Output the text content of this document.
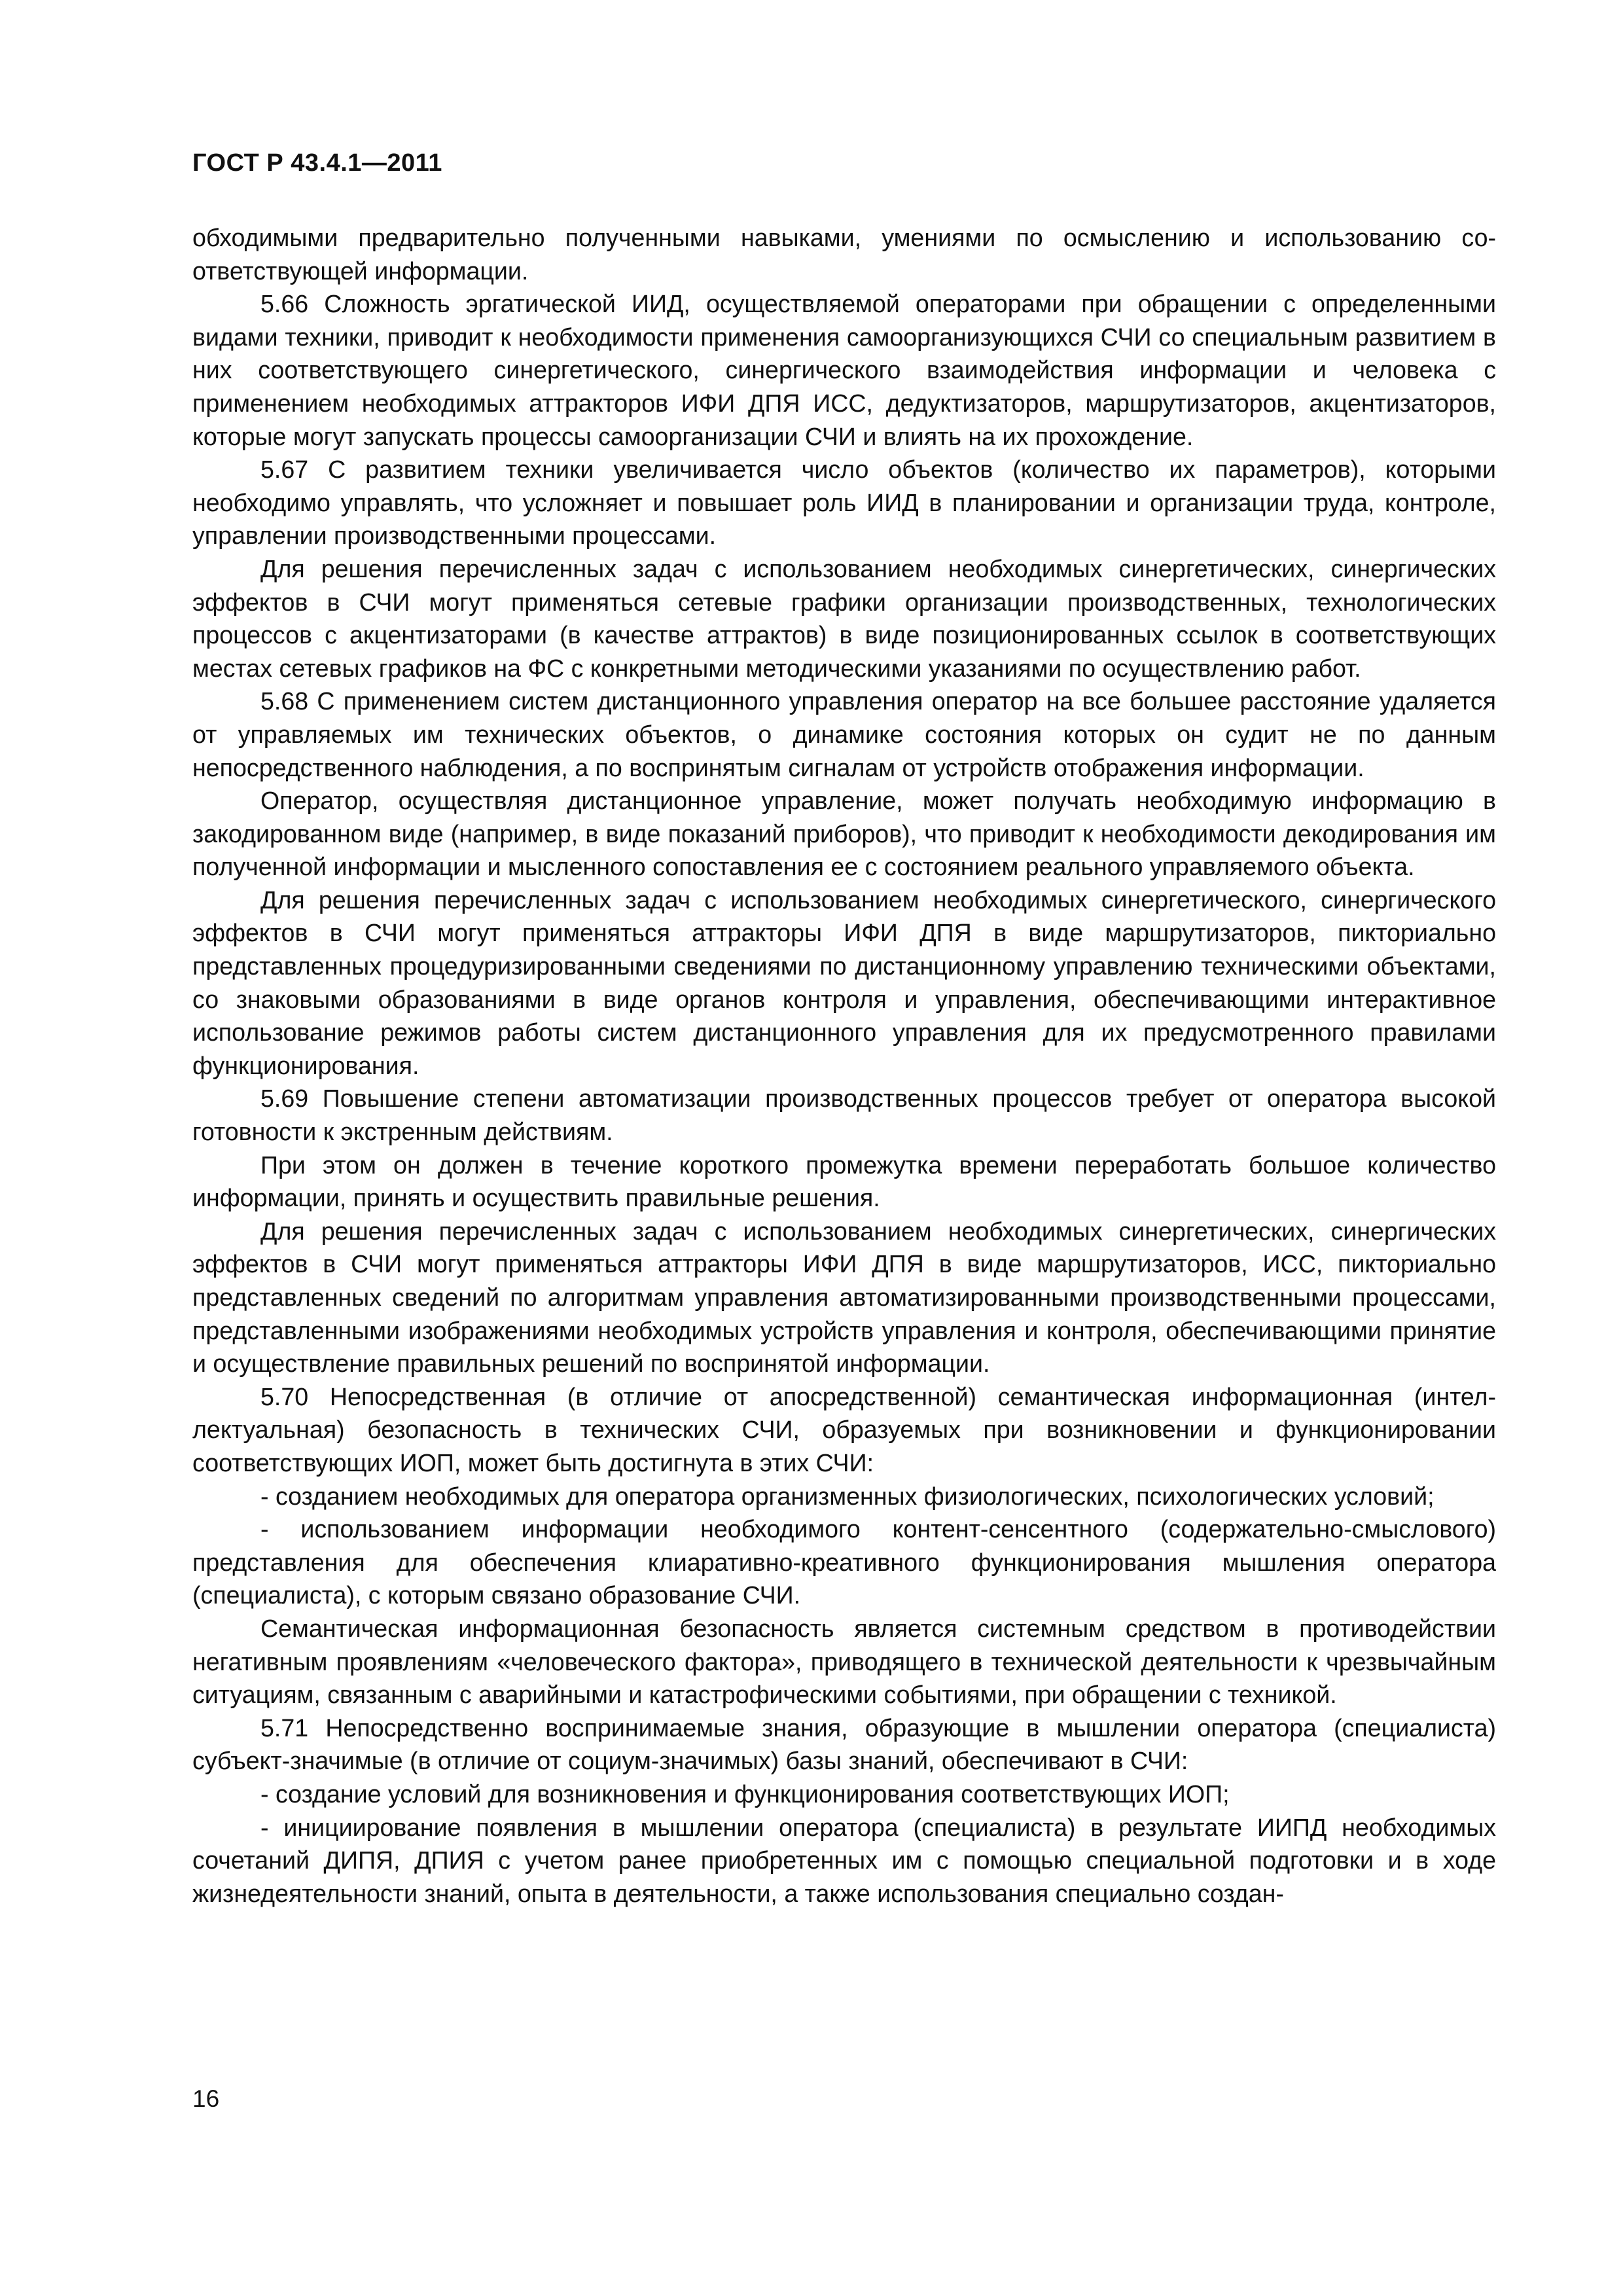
ГОСТ Р 43.4.1—2011

обходимыми предварительно полученными навыками, умениями по осмыслению и использованию соответствующей информации.

5.66 Сложность эргатической ИИД, осуществляемой операторами при обращении с определенными видами техники, приводит к необходимости применения самоорганизующихся СЧИ со специальным развитием в них соответствующего синергетического, синергического взаимодействия информации и человека с применением необходимых аттракторов ИФИ ДПЯ ИСС, дедуктизаторов, маршрутизаторов, акцентизаторов, которые могут запускать процессы самоорганизации СЧИ и влиять на их прохождение.

5.67 С развитием техники увеличивается число объектов (количество их параметров), которыми необходимо управлять, что усложняет и повышает роль ИИД в планировании и организации труда, контроле, управлении производственными процессами.

Для решения перечисленных задач с использованием необходимых синергетических, синергических эффектов в СЧИ могут применяться сетевые графики организации производственных, технологических процессов с акцентизаторами (в качестве аттрактов) в виде позиционированных ссылок в соответствующих местах сетевых графиков на ФС с конкретными методическими указаниями по осуществлению работ.

5.68 С применением систем дистанционного управления оператор на все большее расстояние удаляется от управляемых им технических объектов, о динамике состояния которых он судит не по данным непосредственного наблюдения, а по воспринятым сигналам от устройств отображения информации.

Оператор, осуществляя дистанционное управление, может получать необходимую информацию в закодированном виде (например, в виде показаний приборов), что приводит к необходимости декодирования им полученной информации и мысленного сопоставления ее с состоянием реального управляемого объекта.

Для решения перечисленных задач с использованием необходимых синергетического, синергического эффектов в СЧИ могут применяться аттракторы ИФИ ДПЯ в виде маршрутизаторов, пикториально представленных процедуризированными сведениями по дистанционному управлению техническими объектами, со знаковыми образованиями в виде органов контроля и управления, обеспечивающими интерактивное использование режимов работы систем дистанционного управления для их предусмотренного правилами функционирования.

5.69 Повышение степени автоматизации производственных процессов требует от оператора высокой готовности к экстренным действиям.

При этом он должен в течение короткого промежутка времени переработать большое количество информации, принять и осуществить правильные решения.

Для решения перечисленных задач с использованием необходимых синергетических, синергических эффектов в СЧИ могут применяться аттракторы ИФИ ДПЯ в виде маршрутизаторов, ИСС, пикториально представленных сведений по алгоритмам управления автоматизированными производственными процессами, представленными изображениями необходимых устройств управления и контроля, обеспечивающими принятие и осуществление правильных решений по воспринятой информации.

5.70 Непосредственная (в отличие от апосредственной) семантическая информационная (интеллектуальная) безопасность в технических СЧИ, образуемых при возникновении и функционировании соответствующих ИОП, может быть достигнута в этих СЧИ:

- созданием необходимых для оператора организменных физиологических, психологических условий;

- использованием информации необходимого контент-сенсентного (содержательно-смыслового) представления для обеспечения клиаративно-креативного функционирования мышления оператора (специалиста), с которым связано образование СЧИ.

Семантическая информационная безопасность является системным средством в противодействии негативным проявлениям «человеческого фактора», приводящего в технической деятельности к чрезвычайным ситуациям, связанным с аварийными и катастрофическими событиями, при обращении с техникой.

5.71 Непосредственно воспринимаемые знания, образующие в мышлении оператора (специалиста) субъект-значимые (в отличие от социум-значимых) базы знаний, обеспечивают в СЧИ:

- создание условий для возникновения и функционирования соответствующих ИОП;

- инициирование появления в мышлении оператора (специалиста) в результате ИИПД необходимых сочетаний ДИПЯ, ДПИЯ с учетом ранее приобретенных им с помощью специальной подготовки и в ходе жизнедеятельности знаний, опыта в деятельности, а также использования специально создан-

16
